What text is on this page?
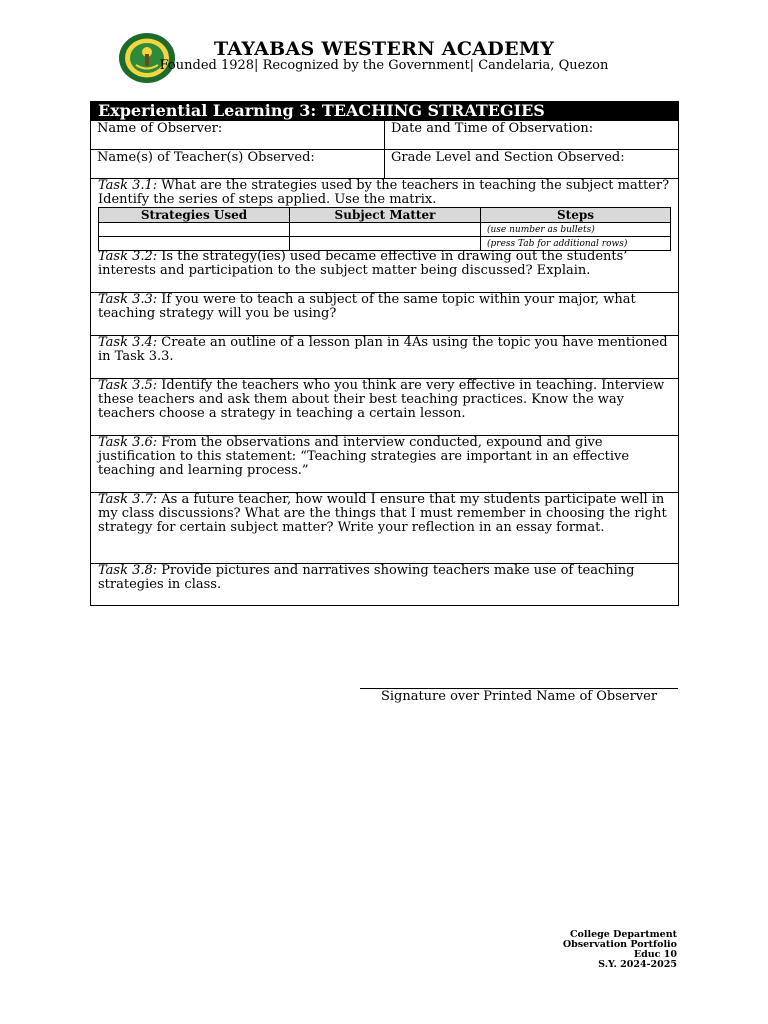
TAYABAS WESTERN ACADEMY
Founded 1928| Recognized by the Government| Candelaria, Quezon
Experiential Learning 3: TEACHING STRATEGIES
Name of Observer:	Date and Time of Observation:
Name(s) of Teacher(s) Observed:	Grade Level and Section Observed:
Task 3.1: What are the strategies used by the teachers in teaching the subject matter? Identify the series of steps applied. Use the matrix.
Strategies Used	Subject Matter	Steps
		(use number as bullets)
		(press Tab for additional rows)
Task 3.2: Is the strategy(ies) used became effective in drawing out the students’ interests and participation to the subject matter being discussed? Explain.
Task 3.3: If you were to teach a subject of the same topic within your major, what teaching strategy will you be using?
Task 3.4: Create an outline of a lesson plan in 4As using the topic you have mentioned in Task 3.3.
Task 3.5: Identify the teachers who you think are very effective in teaching. Interview these teachers and ask them about their best teaching practices. Know the way teachers choose a strategy in teaching a certain lesson.
Task 3.6: From the observations and interview conducted, expound and give justification to this statement: “Teaching strategies are important in an effective teaching and learning process.”
Task 3.7: As a future teacher, how would I ensure that my students participate well in my class discussions? What are the things that I must remember in choosing the right strategy for certain subject matter? Write your reflection in an essay format.
Task 3.8: Provide pictures and narratives showing teachers make use of teaching strategies in class.
Signature over Printed Name of Observer
College Department
Observation Portfolio
Educ 10
S.Y. 2024-2025
